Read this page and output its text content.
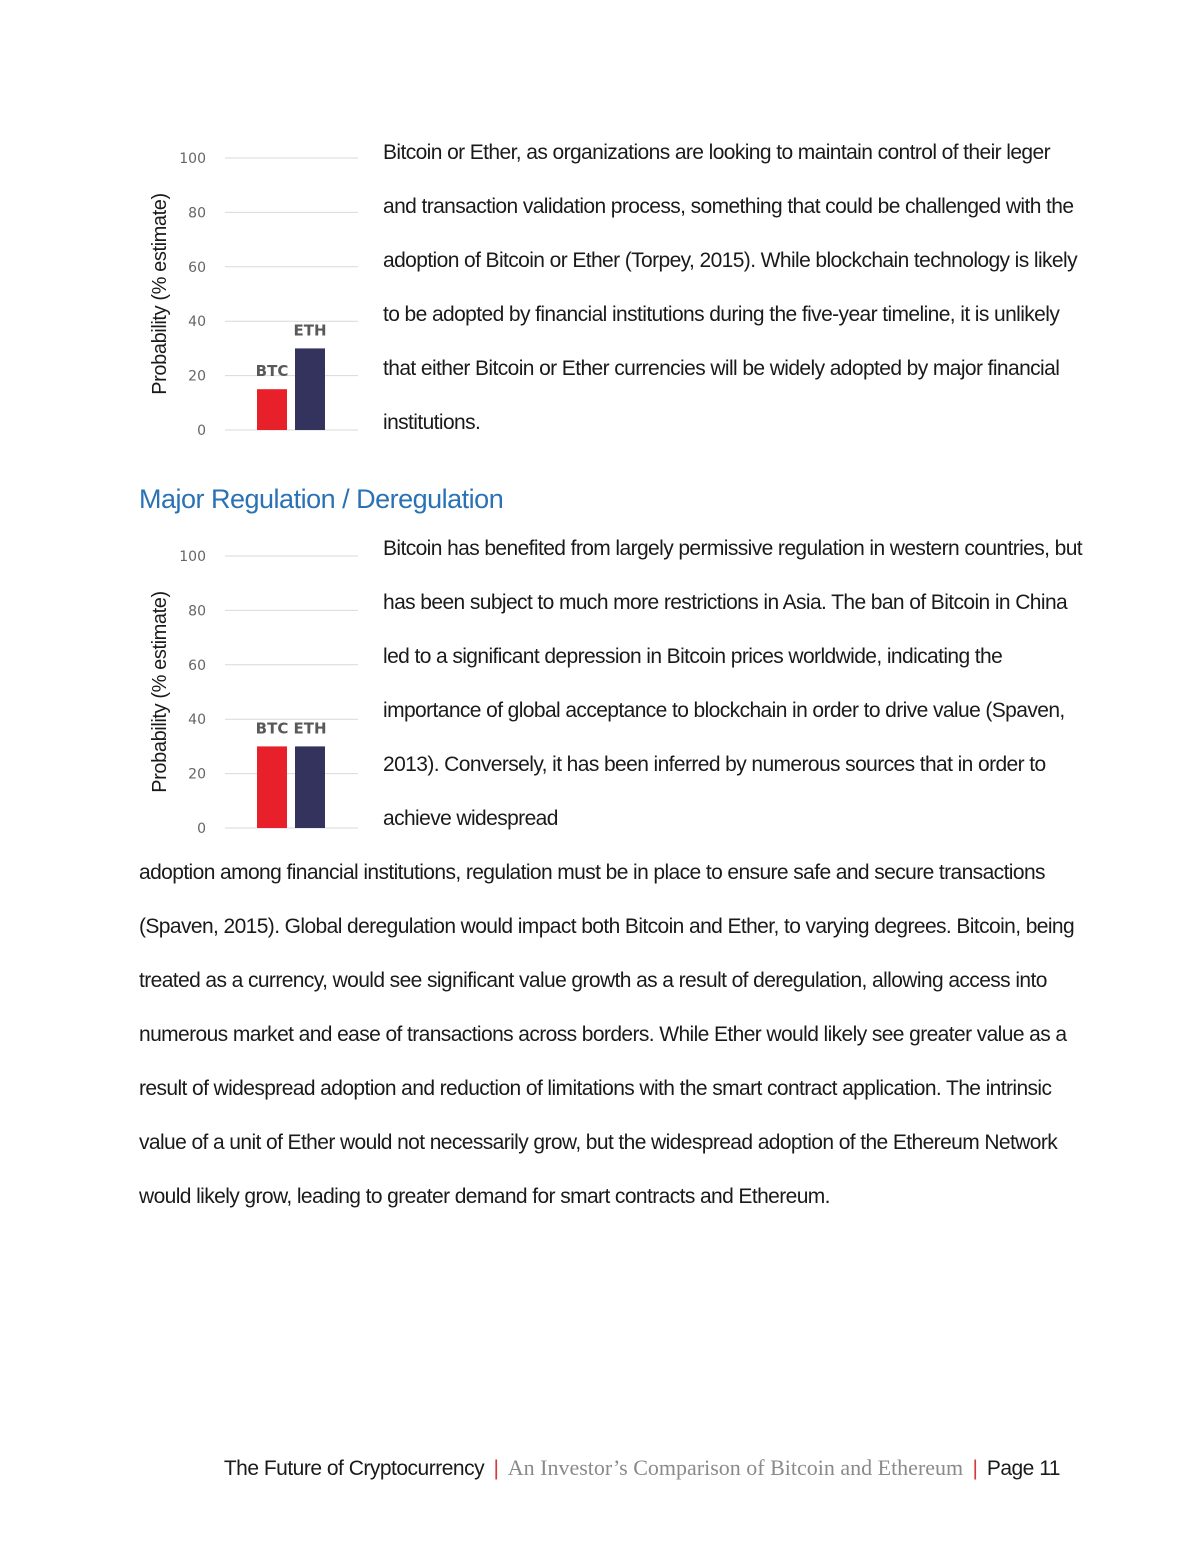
0
20
40
60
80
100
Probability (% estimate)	BTC
ETH

Bitcoin or Ether, as organizations are looking to maintain control of their leger and transaction validation process, something that could be challenged with the adoption of Bitcoin or Ether (Torpey, 2015). While blockchain technology is likely to be adopted by financial institutions during the five-year timeline, it is unlikely that either Bitcoin or Ether currencies will be widely adopted by major financial institutions.

Major Regulation / Deregulation
0
20
40
60
80
100
Probability (% estimate)	BTC ETH

Bitcoin has benefited from largely permissive regulation in western countries, but has been subject to much more restrictions in Asia. The ban of Bitcoin in China led to a significant depression in Bitcoin prices worldwide, indicating the importance of global acceptance to blockchain in order to drive value (Spaven, 2013). Conversely, it has been inferred by numerous sources that in order to achieve widespread

adoption among financial institutions, regulation must be in place to ensure safe and secure transactions (Spaven, 2015). Global deregulation would impact both Bitcoin and Ether, to varying degrees. Bitcoin, being treated as a currency, would see significant value growth as a result of deregulation, allowing access into numerous market and ease of transactions across borders. While Ether would likely see greater value as a result of widespread adoption and reduction of limitations with the smart contract application. The intrinsic value of a unit of Ether would not necessarily grow, but the widespread adoption of the Ethereum Network would likely grow, leading to greater demand for smart contracts and Ethereum.

The Future of Cryptocurrency | An Investor’s Comparison of Bitcoin and Ethereum | Page 11
